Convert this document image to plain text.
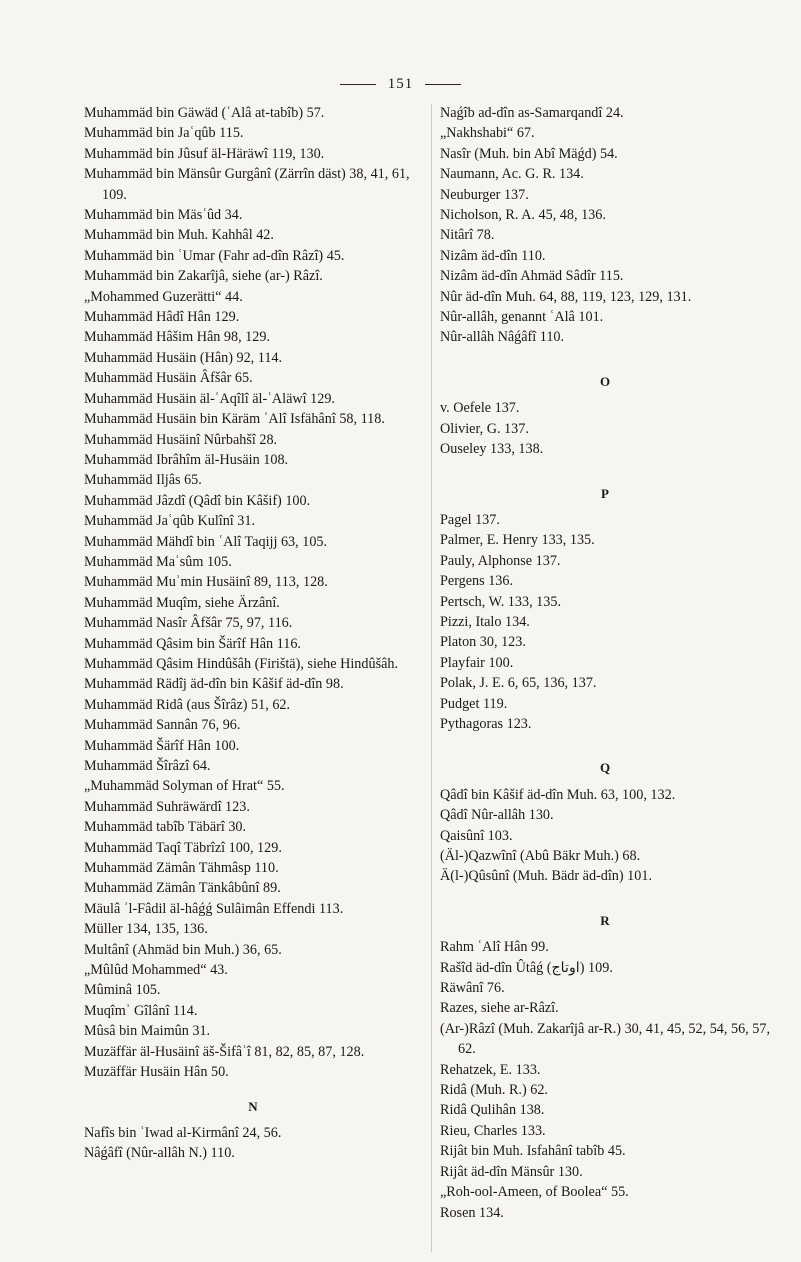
151
Muhammäd bin Gäwäd (ʿAlâ at-tabîb) 57.
Muhammäd bin Jaʿqûb 115.
Muhammäd bin Jûsuf äl-Häräwî 119, 130.
Muhammäd bin Mänsûr Gurgânî (Zärrîn däst) 38, 41, 61, 109.
Muhammäd bin Mäsʿûd 34.
Muhammäd bin Muh. Kahhâl 42.
Muhammäd bin ʿUmar (Fahr ad-dîn Râzî) 45.
Muhammäd bin Zakarîjâ, siehe (ar-) Râzî.
„Mohammed Guzerätti“ 44.
Muhammäd Hâdî Hân 129.
Muhammäd Hâšim Hân 98, 129.
Muhammäd Husäin (Hân) 92, 114.
Muhammäd Husäin Âfšâr 65.
Muhammäd Husäin äl-ʿAqîlî äl-ʿAläwî 129.
Muhammäd Husäin bin Käräm ʿAlî Isfähânî 58, 118.
Muhammäd Husäinî Nûrbahšî 28.
Muhammäd Ibrâhîm äl-Husäin 108.
Muhammäd Iljâs 65.
Muhammäd Jâzdî (Qâdî bin Kâšif) 100.
Muhammäd Jaʿqûb Kulînî 31.
Muhammäd Mähdî bin ʿAlî Taqijj 63, 105.
Muhammäd Maʿsûm 105.
Muhammäd Muʾmin Husäinî 89, 113, 128.
Muhammäd Muqîm, siehe Ärzânî.
Muhammäd Nasîr Âfšâr 75, 97, 116.
Muhammäd Qâsim bin Šärîf Hân 116.
Muhammäd Qâsim Hindûšâh (Firištä), siehe Hindûšâh.
Muhammäd Rädîj äd-dîn bin Kâšif äd-dîn 98.
Muhammäd Ridâ (aus Šîrâz) 51, 62.
Muhammäd Sannân 76, 96.
Muhammäd Šärîf Hân 100.
Muhammäd Šîrâzî 64.
„Muhammäd Solyman of Hrat“ 55.
Muhammäd Suhräwärdî 123.
Muhammäd tabîb Täbärî 30.
Muhammäd Taqî Täbrîzî 100, 129.
Muhammäd Zämân Tähmâsp 110.
Muhammäd Zämân Tänkâbûnî 89.
Mäulâ ʾl-Fâdil äl-hâǵǵ Sulâimân Effendi 113.
Müller 134, 135, 136.
Multânî (Ahmäd bin Muh.) 36, 65.
„Mûlûd Mohammed“ 43.
Mûminâ 105.
Muqîmʾ Gîlânî 114.
Mûsâ bin Maimûn 31.
Muzäffär äl-Husäinî äš-Šifâʾî 81, 82, 85, 87, 128.
Muzäffär Husäin Hân 50.
N
Nafîs bin ʿIwad al-Kirmânî 24, 56.
Nâǵâfî (Nûr-allâh N.) 110.
Naǵîb ad-dîn as-Samarqandî 24.
„Nakhshabi“ 67.
Nasîr (Muh. bin Abî Mäǵd) 54.
Naumann, Ac. G. R. 134.
Neuburger 137.
Nicholson, R. A. 45, 48, 136.
Nitârî 78.
Nizâm äd-dîn 110.
Nizâm äd-dîn Ahmäd Sâdîr 115.
Nûr äd-dîn Muh. 64, 88, 119, 123, 129, 131.
Nûr-allâh, genannt ʿAlâ 101.
Nûr-allâh Nâǵâfî 110.
O
v. Oefele 137.
Olivier, G. 137.
Ouseley 133, 138.
P
Pagel 137.
Palmer, E. Henry 133, 135.
Pauly, Alphonse 137.
Pergens 136.
Pertsch, W. 133, 135.
Pizzi, Italo 134.
Platon 30, 123.
Playfair 100.
Polak, J. E. 6, 65, 136, 137.
Pudget 119.
Pythagoras 123.
Q
Qâdî bin Kâšif äd-dîn Muh. 63, 100, 132.
Qâdî Nûr-allâh 130.
Qaisûnî 103.
(Äl-)Qazwînî (Abû Bäkr Muh.) 68.
Ä(l-)Qûsûnî (Muh. Bädr äd-dîn) 101.
R
Rahm ʿAlî Hân 99.
Rašîd äd-dîn Ûtâǵ (اوتاج) 109.
Räwânî 76.
Razes, siehe ar-Râzî.
(Ar-)Râzî (Muh. Zakarîjâ ar-R.) 30, 41, 45, 52, 54, 56, 57, 62.
Rehatzek, E. 133.
Ridâ (Muh. R.) 62.
Ridâ Qulihân 138.
Rieu, Charles 133.
Rijât bin Muh. Isfahânî tabîb 45.
Rijât äd-dîn Mänsûr 130.
„Roh-ool-Ameen, of Boolea“ 55.
Rosen 134.
